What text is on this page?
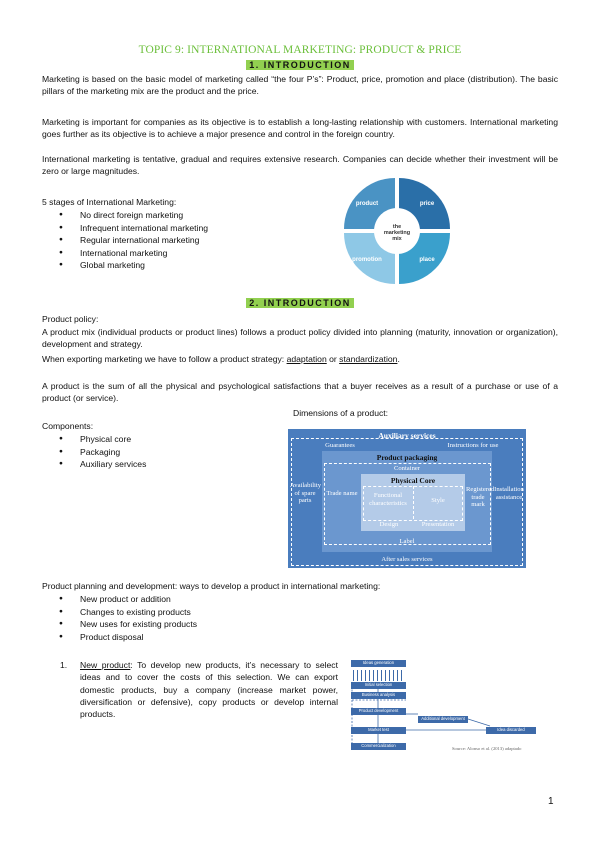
TOPIC 9: INTERNATIONAL MARKETING: PRODUCT & PRICE
1. INTRODUCTION

Marketing is based on the basic model of marketing called “the four P’s”: Product, price, promotion and place (distribution). The basic pillars of the marketing mix are the product and the price.

Marketing is important for companies as its objective is to establish a long-lasting relationship with customers. International marketing goes further as its objective is to achieve a major presence and control in the foreign country.

International marketing is tentative, gradual and requires extensive research. Companies can decide whether their investment will be zero or large magnitudes.

5 stages of International Marketing:
● No direct foreign marketing
● Infrequent international marketing
● Regular international marketing
● International marketing
● Global marketing
the
marketing
mix
product	price
place
promotion
2. INTRODUCTION
Product policy:

A product mix (individual products or product lines) follows a product policy divided into planning (maturity, innovation or organization), development and strategy.

When exporting marketing we have to follow a product strategy: adaptation or standardization.

A product is the sum of all the physical and psychological satisfactions that a buyer receives as a result of a purchase or use of a product (or service).

Dimensions of a product:
Components:
● Physical core
● Packaging
● Auxiliary services
Auxiliary services
Guarantees	Instructions for use
Product packaging
Container
Physical Core
Functional characteristics	Style
Design	Presentation
Availability of spare parts
Trade name
Registered trade mark
Installation assistance
Label
After sales services
Product planning and development: ways to develop a product in international marketing:
● New product or addition
● Changes to existing products
● New uses for existing products
● Product disposal
1. New product: To develop new products, it’s necessary to select ideas and to cover the costs of this selection. We can export domestic products, buy a company (increase market power, diversification or defensive), copy products or develop internal products.

Ideas generation
Initial selection
Business analysis
Product development
Market test
Commercialization
Additional development
Idea discarded
Source: Alonso et al. (2013) adaptado
1
